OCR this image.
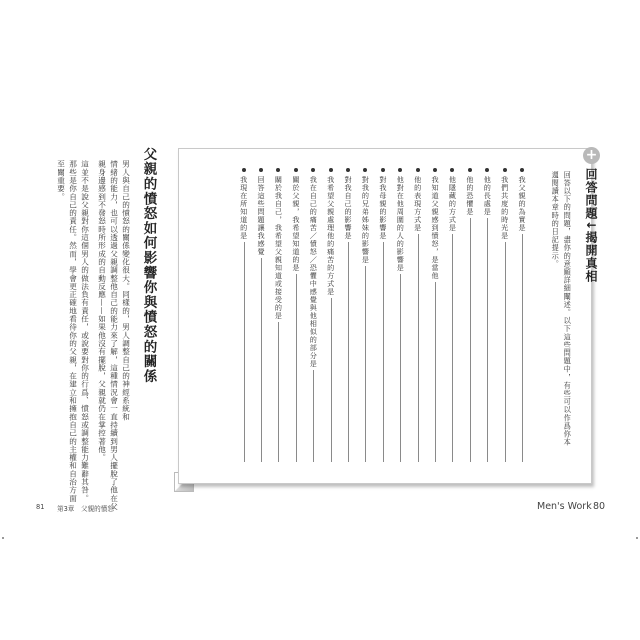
父親的憤怒如何影響你與憤怒的關係
男人與自己的憤怒的關係變化很大。同樣的，男人調整自己的神經系統和
情緒的能力，也可以透過父親調整他自己的能力來了解，這種情況會一直持續到男人擺脫了他在父
親身邊感到不發怒時所形成的自動反應——如果他沒有擺脫，父親就仍在掌控著他。
這並不是說父親對你這個男人的做法負有責任，或說要對你的行爲、憤怒或調整能力難辭其咎。
那些是你自己的責任。然而，學會更正確地看待你的父親，在建立和擁抱自己的主權和自治方面
至關重要。
+
回答問題↓揭開真相
回答以下的問題，盡你的意願詳細闡述。以下這些問題中，有些可以作爲你本
週閱讀本章時的日記提示。
我父親的為實是
我們共度的時光是
他的長處是
他的恐懼是
他隱藏的方式是
我知道父親感到憤怒，是當他
他的表現方式是
他對在他周圍的人的影響是
對我母親的影響是
對我的兄弟姊妹的影響是
對我自己的影響是
我希望父親處理他的痛苦的方式是
我在自己的痛苦／憤怒／恐懼中感覺與他相似的部分是
關於父親，我希望知道的是
關於我自己，我希望父親知道或接受的是
回答這些問題讓我感覺
我現在所知道的是
81 第3章　父親的憤怒	Men's Work 80
